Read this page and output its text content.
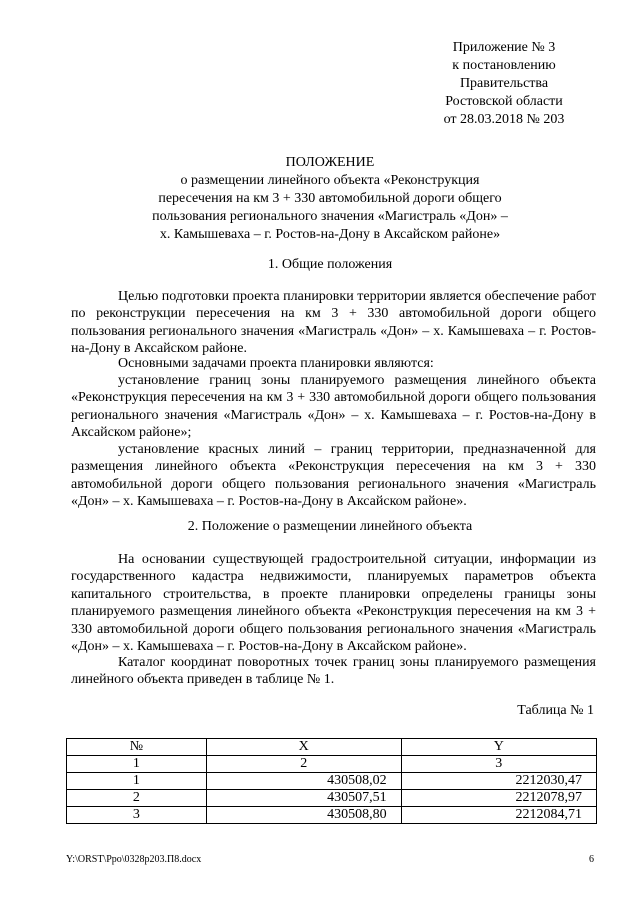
Приложение № 3
к постановлению
Правительства
Ростовской области
от 28.03.2018 № 203
ПОЛОЖЕНИЕ
о размещении линейного объекта «Реконструкция
пересечения на км 3 + 330 автомобильной дороги общего
пользования регионального значения «Магистраль «Дон» –
х. Камышеваха – г. Ростов-на-Дону в Аксайском районе»
1. Общие положения

Целью подготовки проекта планировки территории является обеспечение работ по реконструкции пересечения на км 3 + 330 автомобильной дороги общего пользования регионального значения «Магистраль «Дон» – х. Камышеваха – г. Ростов-на-Дону в Аксайском районе.

Основными задачами проекта планировки являются:

установление границ зоны планируемого размещения линейного объекта «Реконструкция пересечения на км 3 + 330 автомобильной дороги общего пользования регионального значения «Магистраль «Дон» – х. Камышеваха – г. Ростов-на-Дону в Аксайском районе»;

установление красных линий – границ территории, предназначенной для размещения линейного объекта «Реконструкция пересечения на км 3 + 330 автомобильной дороги общего пользования регионального значения «Магистраль «Дон» – х. Камышеваха – г. Ростов-на-Дону в Аксайском районе».

2. Положение о размещении линейного объекта

На основании существующей градостроительной ситуации, информации из государственного кадастра недвижимости, планируемых параметров объекта капитального строительства, в проекте планировки определены границы зоны планируемого размещения линейного объекта «Реконструкция пересечения на км 3 + 330 автомобильной дороги общего пользования регионального значения «Магистраль «Дон» – х. Камышеваха – г. Ростов-на-Дону в Аксайском районе».

Каталог координат поворотных точек границ зоны планируемого размещения линейного объекта приведен в таблице № 1.

Таблица № 1
№	X	Y
1	2	3
1	430508,02	2212030,47
2	430507,51	2212078,97
3	430508,80	2212084,71
Y:\ORST\Ppo\0328p203.П8.docx	6
